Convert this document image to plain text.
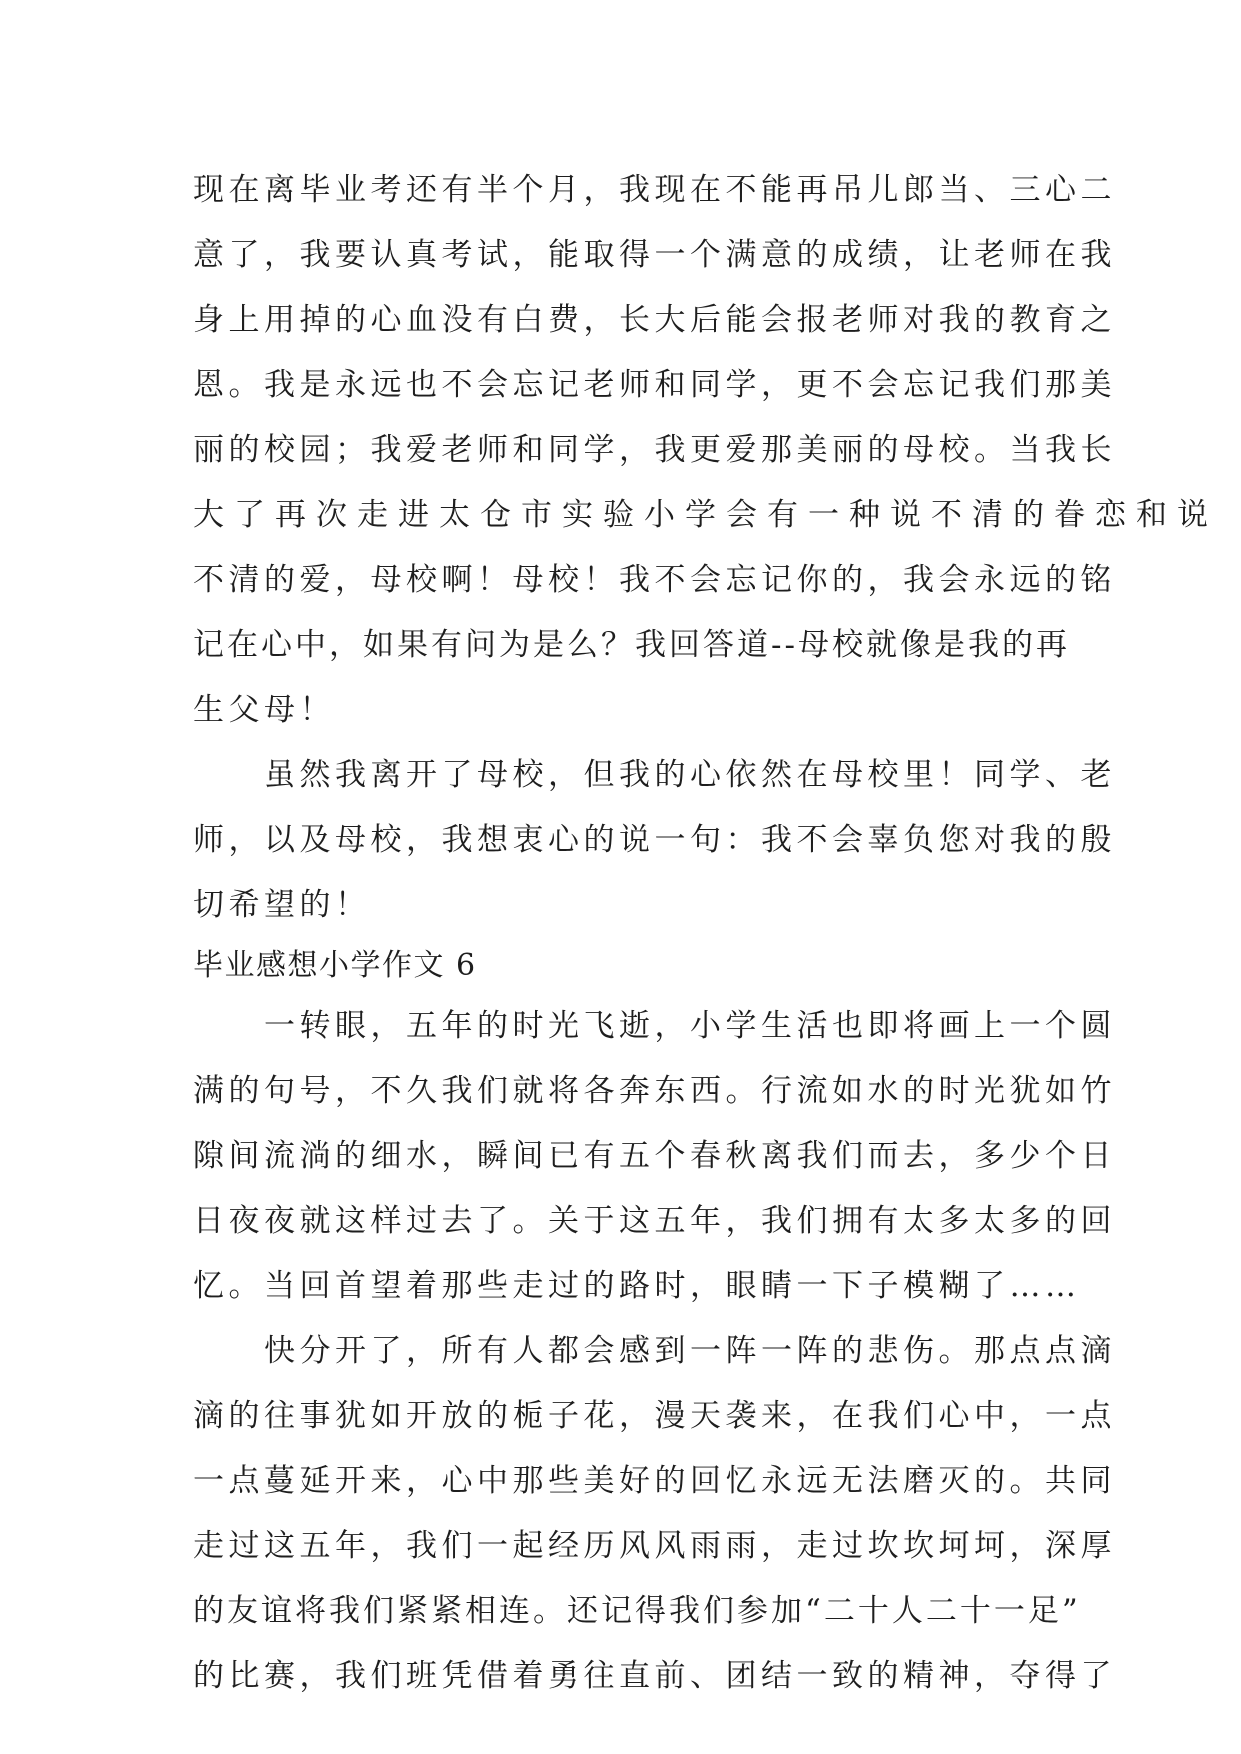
现在离毕业考还有半个月，我现在不能再吊儿郎当、三心二
意了，我要认真考试，能取得一个满意的成绩，让老师在我
身上用掉的心血没有白费，长大后能会报老师对我的教育之
恩。我是永远也不会忘记老师和同学，更不会忘记我们那美
丽的校园；我爱老师和同学，我更爱那美丽的母校。当我长
大了再次走进太仓市实验小学会有一种说不清的眷恋和说
不清的爱，母校啊！母校！我不会忘记你的，我会永远的铭
记在心中，如果有问为是么？我回答道--母校就像是我的再
生父母！
　　虽然我离开了母校，但我的心依然在母校里！同学、老
师，以及母校，我想衷心的说一句：我不会辜负您对我的殷
切希望的！
毕业感想小学作文 6
　　一转眼，五年的时光飞逝，小学生活也即将画上一个圆
满的句号，不久我们就将各奔东西。行流如水的时光犹如竹
隙间流淌的细水，瞬间已有五个春秋离我们而去，多少个日
日夜夜就这样过去了。关于这五年，我们拥有太多太多的回
忆。当回首望着那些走过的路时，眼睛一下子模糊了……
　　快分开了，所有人都会感到一阵一阵的悲伤。那点点滴
滴的往事犹如开放的栀子花，漫天袭来，在我们心中，一点
一点蔓延开来，心中那些美好的回忆永远无法磨灭的。共同
走过这五年，我们一起经历风风雨雨，走过坎坎坷坷，深厚
的友谊将我们紧紧相连。还记得我们参加“二十人二十一足”
的比赛，我们班凭借着勇往直前、团结一致的精神，夺得了
